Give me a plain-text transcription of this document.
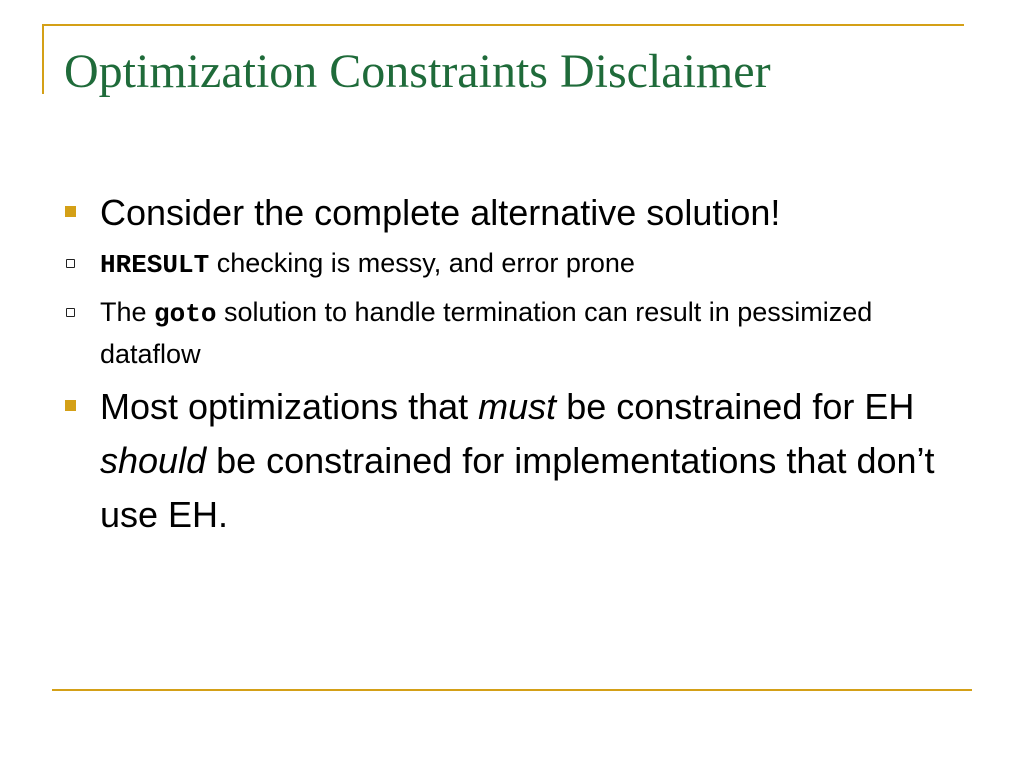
Optimization Constraints Disclaimer
Consider the complete alternative solution!
HRESULT checking is messy, and error prone
The goto solution to handle termination can result in pessimized dataflow
Most optimizations that must be constrained for EH should be constrained for implementations that don’t use EH.
